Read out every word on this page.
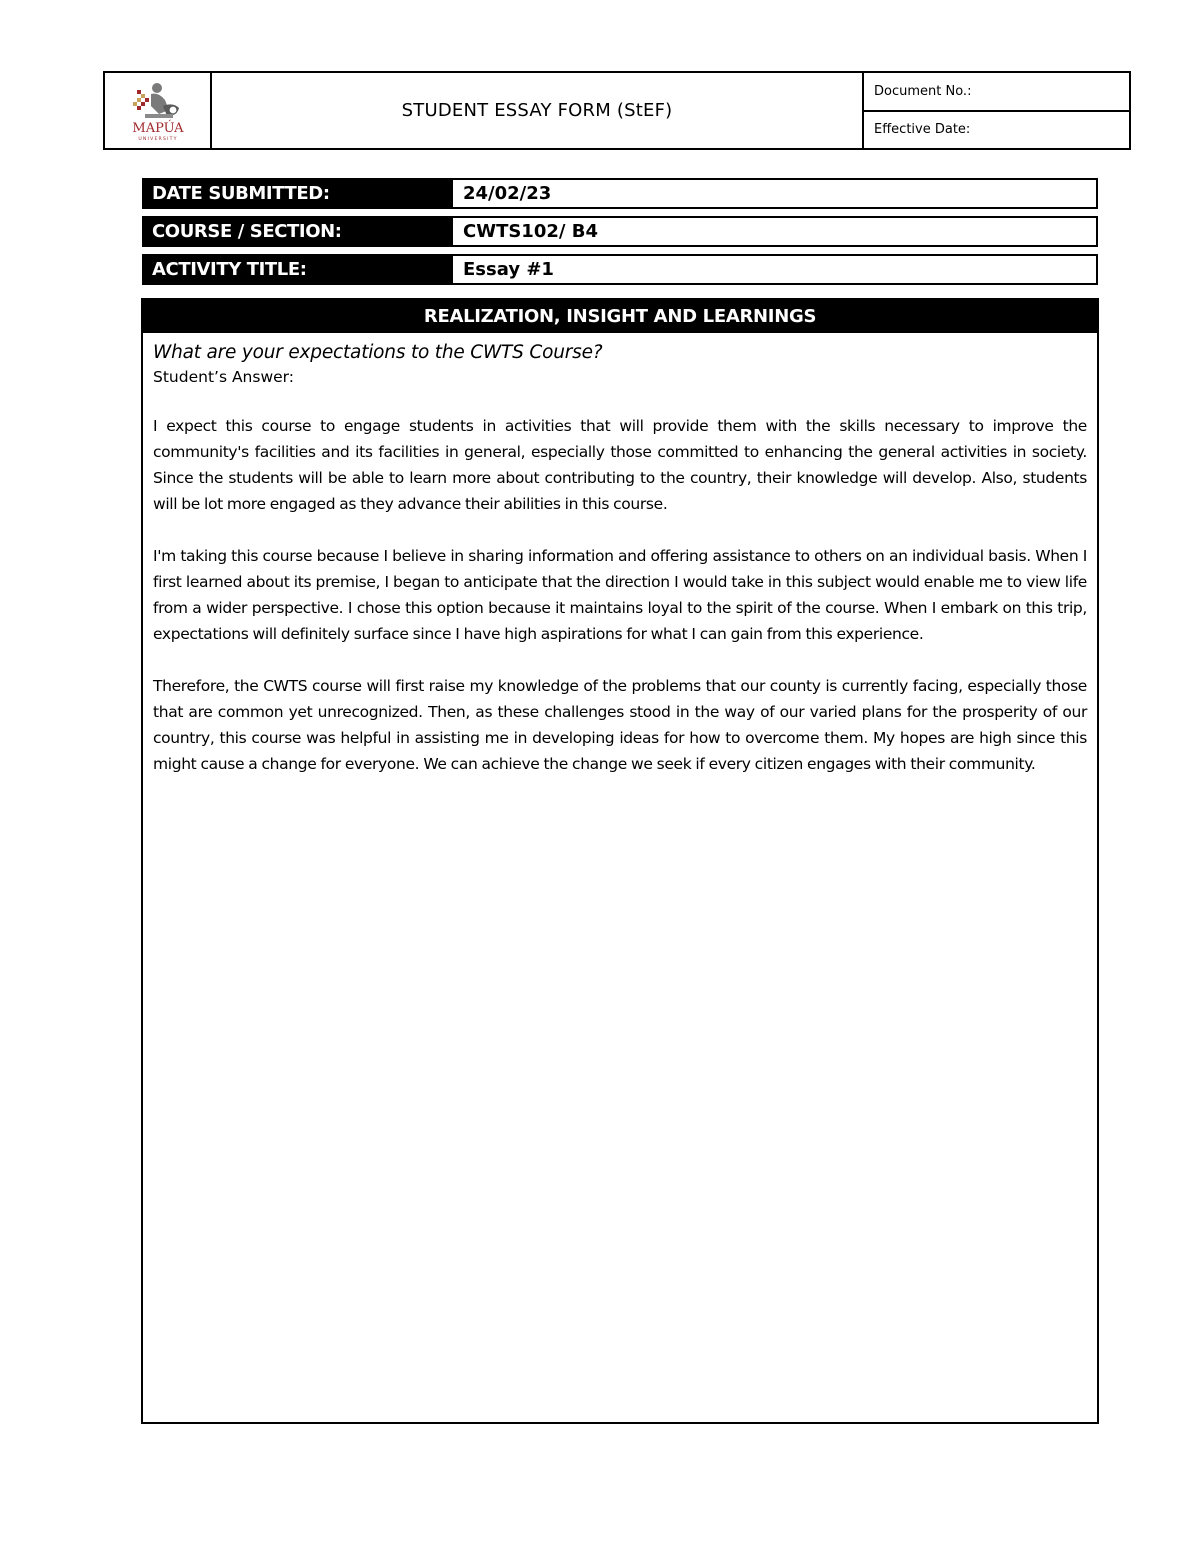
MAPÚA
UNIVERSITY
STUDENT ESSAY FORM (StEF)
Document No.:
Effective Date:
DATE SUBMITTED:	24/02/23
COURSE / SECTION:	CWTS102/ B4
ACTIVITY TITLE:	Essay #1
REALIZATION, INSIGHT AND LEARNINGS

What are your expectations to the CWTS Course?

Student’s Answer:

I expect this course to engage students in activities that will provide them with the skills necessary to improve the community's facilities and its facilities in general, especially those committed to enhancing the general activities in society. Since the students will be able to learn more about contributing to the country, their knowledge will develop. Also, students will be lot more engaged as they advance their abilities in this course.

I'm taking this course because I believe in sharing information and offering assistance to others on an individual basis. When I first learned about its premise, I began to anticipate that the direction I would take in this subject would enable me to view life from a wider perspective. I chose this option because it maintains loyal to the spirit of the course. When I embark on this trip, expectations will definitely surface since I have high aspirations for what I can gain from this experience.

Therefore, the CWTS course will first raise my knowledge of the problems that our county is currently facing, especially those that are common yet unrecognized. Then, as these challenges stood in the way of our varied plans for the prosperity of our country, this course was helpful in assisting me in developing ideas for how to overcome them. My hopes are high since this might cause a change for everyone. We can achieve the change we seek if every citizen engages with their community.
